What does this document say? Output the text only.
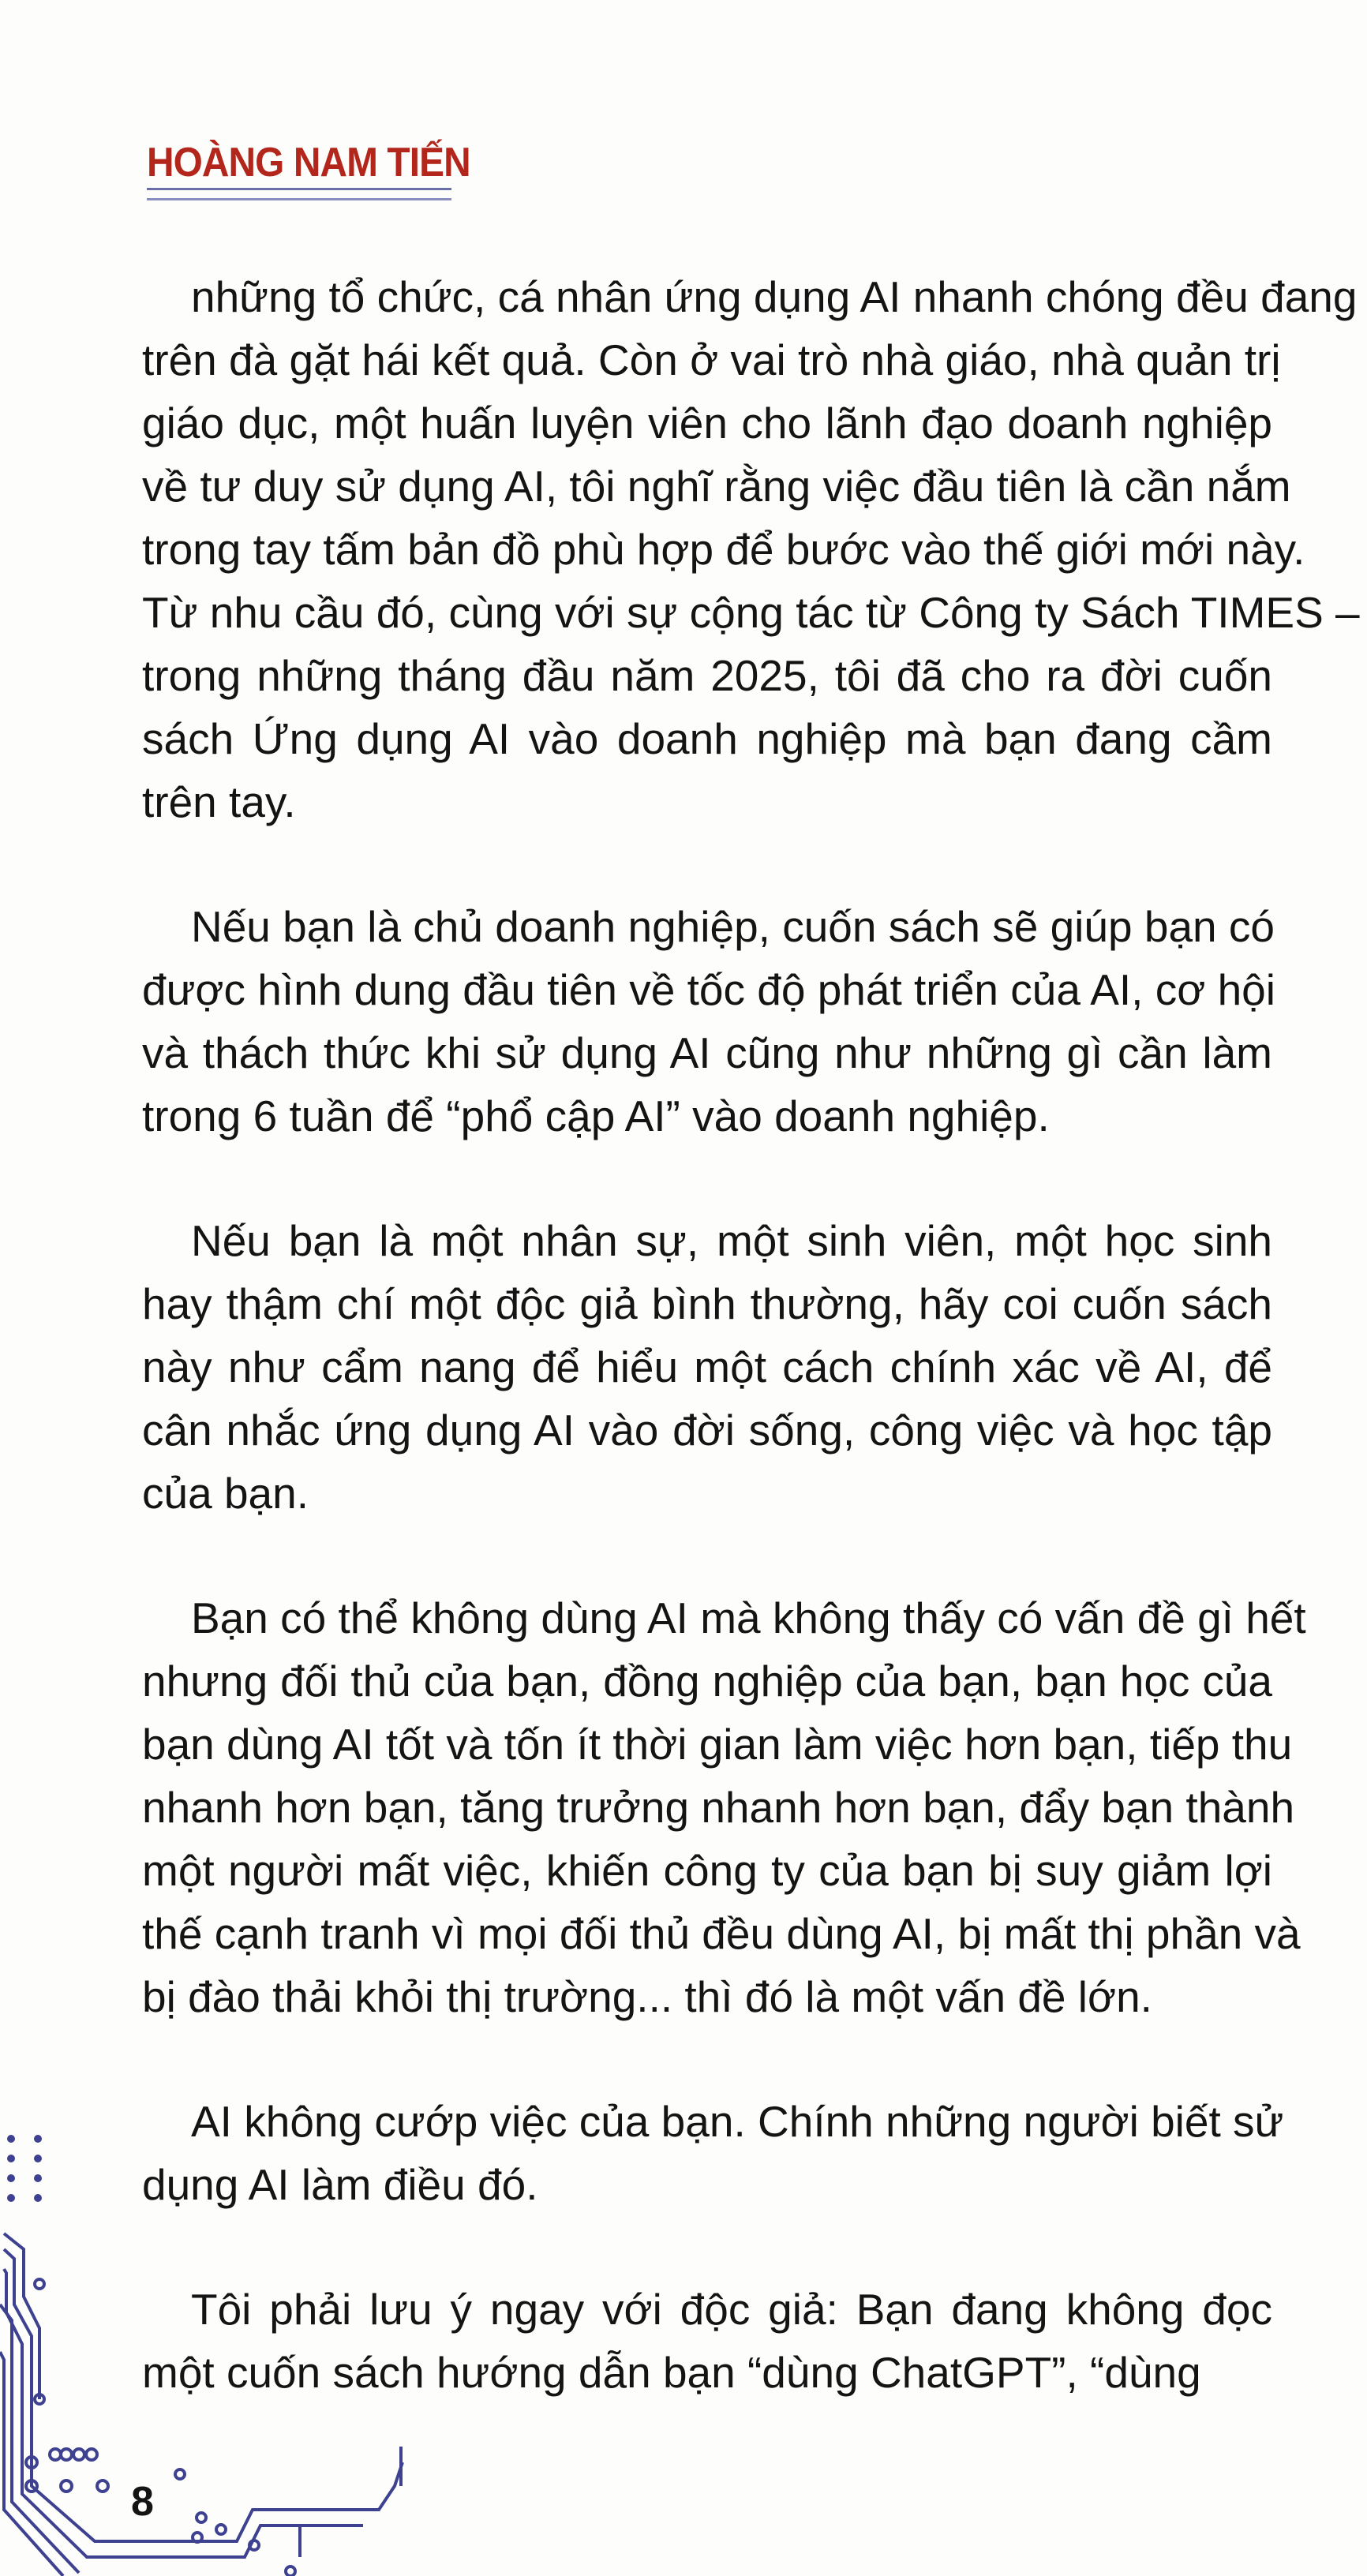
HOÀNG NAM TIẾN
những tổ chức, cá nhân ứng dụng AI nhanh chóng đều đang
trên đà gặt hái kết quả. Còn ở vai trò nhà giáo, nhà quản trị
giáo dục, một huấn luyện viên cho lãnh đạo doanh nghiệp
về tư duy sử dụng AI, tôi nghĩ rằng việc đầu tiên là cần nắm
trong tay tấm bản đồ phù hợp để bước vào thế giới mới này.
Từ nhu cầu đó, cùng với sự cộng tác từ Công ty Sách TIMES –
trong những tháng đầu năm 2025, tôi đã cho ra đời cuốn
sách Ứng dụng AI vào doanh nghiệp mà bạn đang cầm
trên tay.
Nếu bạn là chủ doanh nghiệp, cuốn sách sẽ giúp bạn có
được hình dung đầu tiên về tốc độ phát triển của AI, cơ hội
và thách thức khi sử dụng AI cũng như những gì cần làm
trong 6 tuần để “phổ cập AI” vào doanh nghiệp.
Nếu bạn là một nhân sự, một sinh viên, một học sinh
hay thậm chí một độc giả bình thường, hãy coi cuốn sách
này như cẩm nang để hiểu một cách chính xác về AI, để
cân nhắc ứng dụng AI vào đời sống, công việc và học tập
của bạn.
Bạn có thể không dùng AI mà không thấy có vấn đề gì hết
nhưng đối thủ của bạn, đồng nghiệp của bạn, bạn học của
bạn dùng AI tốt và tốn ít thời gian làm việc hơn bạn, tiếp thu
nhanh hơn bạn, tăng trưởng nhanh hơn bạn, đẩy bạn thành
một người mất việc, khiến công ty của bạn bị suy giảm lợi
thế cạnh tranh vì mọi đối thủ đều dùng AI, bị mất thị phần và
bị đào thải khỏi thị trường... thì đó là một vấn đề lớn.
AI không cướp việc của bạn. Chính những người biết sử
dụng AI làm điều đó.
Tôi phải lưu ý ngay với độc giả: Bạn đang không đọc
một cuốn sách hướng dẫn bạn “dùng ChatGPT”, “dùng
8
